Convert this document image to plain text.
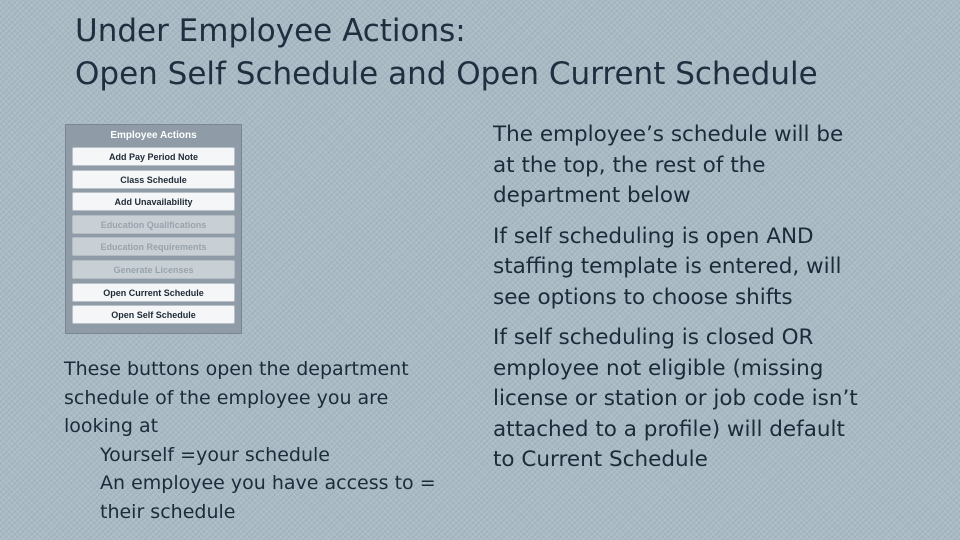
Under Employee Actions:
Open Self Schedule and Open Current Schedule
Employee Actions
Add Pay Period Note
Class Schedule
Add Unavailability
Education Qualifications
Education Requirements
Generate Licenses
Open Current Schedule
Open Self Schedule
These buttons open the department
schedule of the employee you are
looking at
Yourself =your schedule
An employee you have access to =
their schedule
The employee’s schedule will be
at the top, the rest of the
department below
If self scheduling is open AND
staffing template is entered, will
see options to choose shifts
If self scheduling is closed OR
employee not eligible (missing
license or station or job code isn’t
attached to a profile) will default
to Current Schedule
